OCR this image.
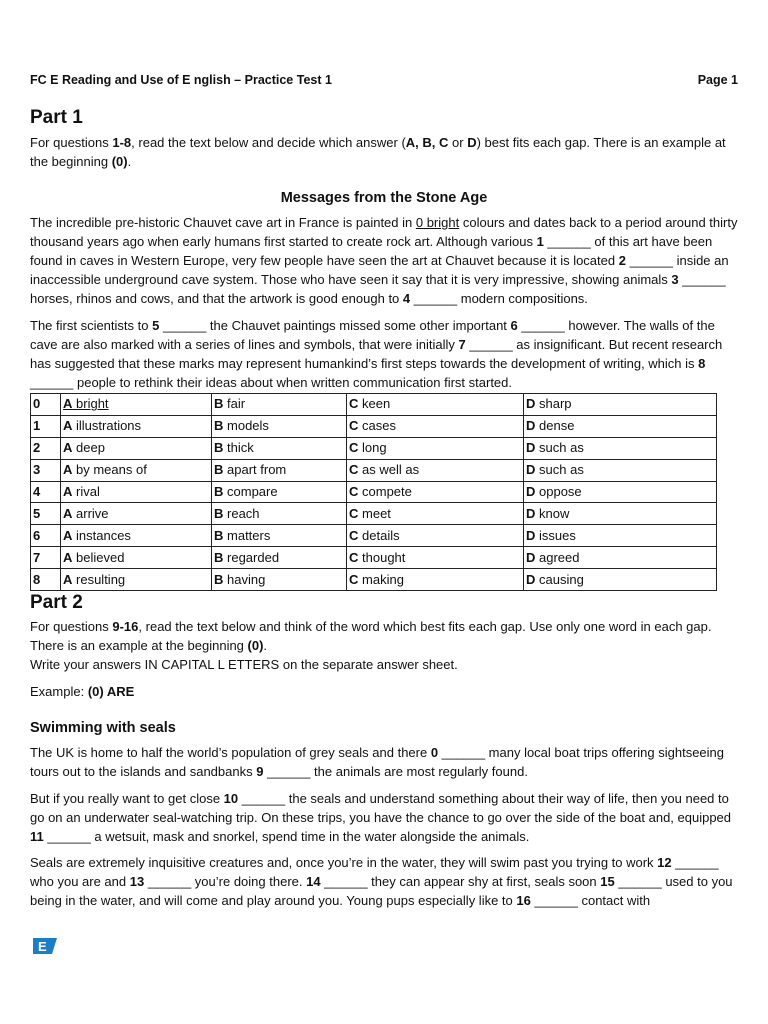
FC E Reading and Use of E nglish – Practice Test 1	Page 1
Part 1

For questions 1-8, read the text below and decide which answer (A, B, C or D) best fits each gap. There is an example at the beginning (0).

Messages from the Stone Age

The incredible pre-historic Chauvet cave art in France is painted in 0 bright colours and dates back to a period around thirty thousand years ago when early humans first started to create rock art. Although various 1 ______ of this art have been found in caves in Western Europe, very few people have seen the art at Chauvet because it is located 2 ______ inside an inaccessible underground cave system. Those who have seen it say that it is very impressive, showing animals 3 ______ horses, rhinos and cows, and that the artwork is good enough to 4 ______ modern compositions.

The first scientists to 5 ______ the Chauvet paintings missed some other important 6 ______ however. The walls of the cave are also marked with a series of lines and symbols, that were initially 7 ______ as insignificant. But recent research has suggested that these marks may represent humankind’s first steps towards the development of writing, which is 8 ______ people to rethink their ideas about when written communication first started.

0	A bright	B fair	C keen	D sharp
1	A illustrations	B models	C cases	D dense
2	A deep	B thick	C long	D such as
3	A by means of	B apart from	C as well as	D such as
4	A rival	B compare	C compete	D oppose
5	A arrive	B reach	C meet	D know
6	A instances	B matters	C details	D issues
7	A believed	B regarded	C thought	D agreed
8	A resulting	B having	C making	D causing
Part 2

For questions 9-16, read the text below and think of the word which best fits each gap. Use only one word in each gap. There is an example at the beginning (0).
Write your answers IN CAPITAL L ETTERS on the separate answer sheet.

Example: (0) ARE

Swimming with seals

The UK is home to half the world’s population of grey seals and there 0 ______ many local boat trips offering sightseeing tours out to the islands and sandbanks 9 ______ the animals are most regularly found.

But if you really want to get close 10 ______ the seals and understand something about their way of life, then you need to go on an underwater seal-watching trip. On these trips, you have the chance to go over the side of the boat and, equipped 11 ______ a wetsuit, mask and snorkel, spend time in the water alongside the animals.

Seals are extremely inquisitive creatures and, once you’re in the water, they will swim past you trying to work 12 ______ who you are and 13 ______ you’re doing there. 14 ______ they can appear shy at first, seals soon 15 ______ used to you being in the water, and will come and play around you. Young pups especially like to 16 ______ contact with

E
